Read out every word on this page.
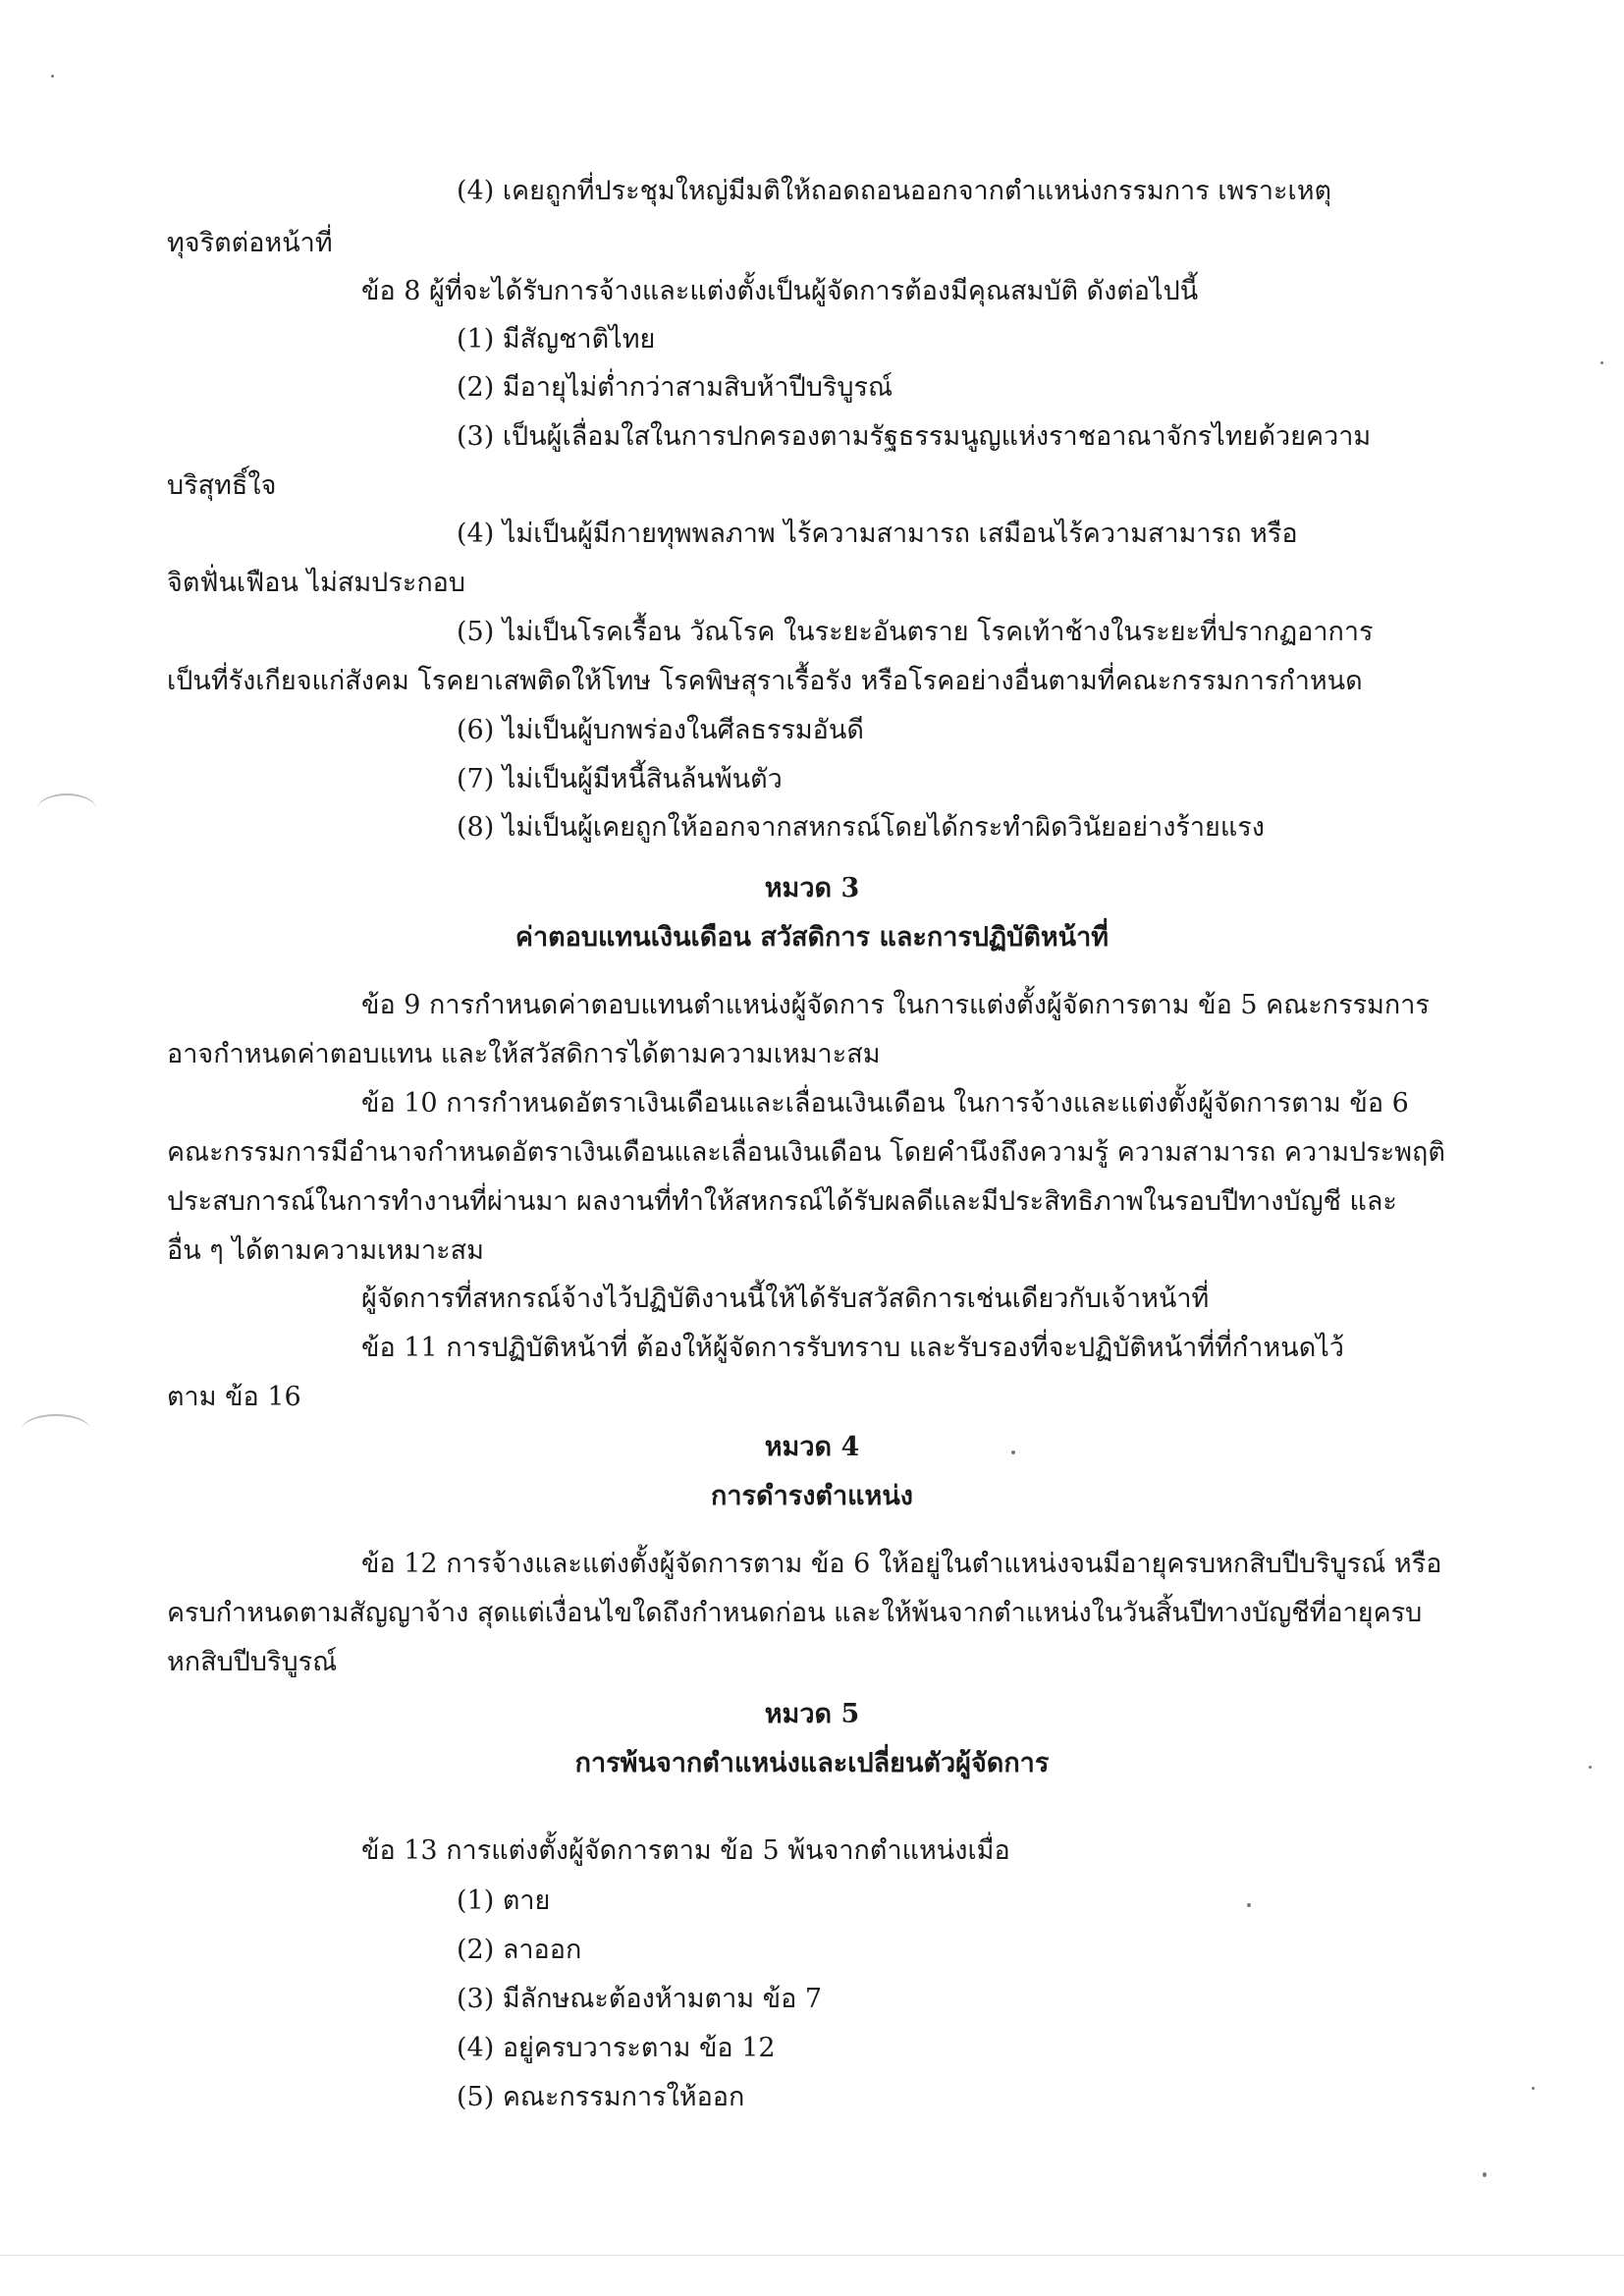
(4) เคยถูกที่ประชุมใหญ่มีมติให้ถอดถอนออกจากตำแหน่งกรรมการ เพราะเหตุ
ทุจริตต่อหน้าที่
ข้อ 8 ผู้ที่จะได้รับการจ้างและแต่งตั้งเป็นผู้จัดการต้องมีคุณสมบัติ ดังต่อไปนี้
(1) มีสัญชาติไทย
(2) มีอายุไม่ต่ำกว่าสามสิบห้าปีบริบูรณ์
(3) เป็นผู้เลื่อมใสในการปกครองตามรัฐธรรมนูญแห่งราชอาณาจักรไทยด้วยความ
บริสุทธิ์ใจ
(4) ไม่เป็นผู้มีกายทุพพลภาพ ไร้ความสามารถ เสมือนไร้ความสามารถ หรือ
จิตฟั่นเฟือน ไม่สมประกอบ
(5) ไม่เป็นโรคเรื้อน วัณโรค ในระยะอันตราย โรคเท้าช้างในระยะที่ปรากฏอาการ
เป็นที่รังเกียจแก่สังคม โรคยาเสพติดให้โทษ โรคพิษสุราเรื้อรัง หรือโรคอย่างอื่นตามที่คณะกรรมการกำหนด
(6) ไม่เป็นผู้บกพร่องในศีลธรรมอันดี
(7) ไม่เป็นผู้มีหนี้สินล้นพ้นตัว
(8) ไม่เป็นผู้เคยถูกให้ออกจากสหกรณ์โดยได้กระทำผิดวินัยอย่างร้ายแรง
หมวด 3
ค่าตอบแทนเงินเดือน สวัสดิการ และการปฏิบัติหน้าที่
ข้อ 9 การกำหนดค่าตอบแทนตำแหน่งผู้จัดการ ในการแต่งตั้งผู้จัดการตาม ข้อ 5 คณะกรรมการ
อาจกำหนดค่าตอบแทน และให้สวัสดิการได้ตามความเหมาะสม
ข้อ 10 การกำหนดอัตราเงินเดือนและเลื่อนเงินเดือน ในการจ้างและแต่งตั้งผู้จัดการตาม ข้อ 6
คณะกรรมการมีอำนาจกำหนดอัตราเงินเดือนและเลื่อนเงินเดือน โดยคำนึงถึงความรู้ ความสามารถ ความประพฤติ
ประสบการณ์ในการทำงานที่ผ่านมา ผลงานที่ทำให้สหกรณ์ได้รับผลดีและมีประสิทธิภาพในรอบปีทางบัญชี และ
อื่น ๆ ได้ตามความเหมาะสม
ผู้จัดการที่สหกรณ์จ้างไว้ปฏิบัติงานนี้ให้ได้รับสวัสดิการเช่นเดียวกับเจ้าหน้าที่
ข้อ 11 การปฏิบัติหน้าที่ ต้องให้ผู้จัดการรับทราบ และรับรองที่จะปฏิบัติหน้าที่ที่กำหนดไว้
ตาม ข้อ 16
หมวด 4
การดำรงตำแหน่ง
ข้อ 12 การจ้างและแต่งตั้งผู้จัดการตาม ข้อ 6 ให้อยู่ในตำแหน่งจนมีอายุครบหกสิบปีบริบูรณ์ หรือ
ครบกำหนดตามสัญญาจ้าง สุดแต่เงื่อนไขใดถึงกำหนดก่อน และให้พ้นจากตำแหน่งในวันสิ้นปีทางบัญชีที่อายุครบ
หกสิบปีบริบูรณ์
หมวด 5
การพ้นจากตำแหน่งและเปลี่ยนตัวผู้จัดการ
ข้อ 13 การแต่งตั้งผู้จัดการตาม ข้อ 5 พ้นจากตำแหน่งเมื่อ
(1) ตาย
(2) ลาออก
(3) มีลักษณะต้องห้ามตาม ข้อ 7
(4) อยู่ครบวาระตาม ข้อ 12
(5) คณะกรรมการให้ออก
